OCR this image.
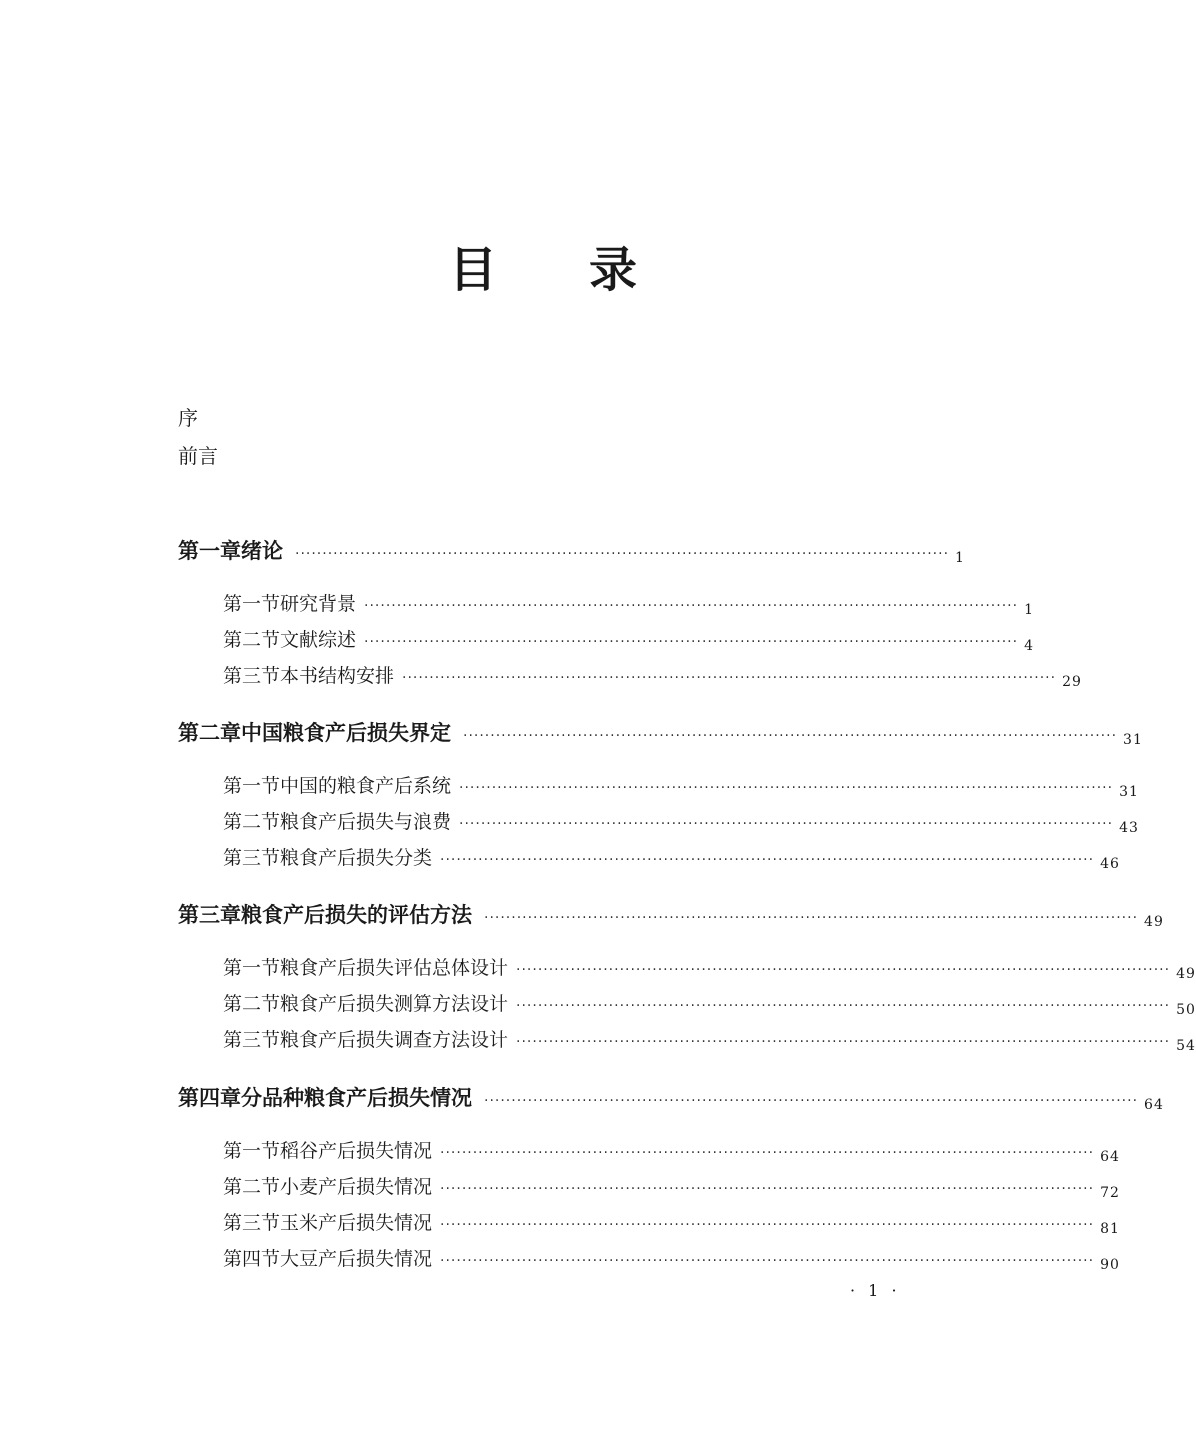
目录
序
前言
第一章 绪论 ························································································································ 1
第一节 研究背景 ························································································································ 1
第二节 文献综述 ························································································································ 4
第三节 本书结构安排 ························································································································ 29
第二章 中国粮食产后损失界定 ························································································································ 31
第一节 中国的粮食产后系统 ························································································································ 31
第二节 粮食产后损失与浪费 ························································································································ 43
第三节 粮食产后损失分类 ························································································································ 46
第三章 粮食产后损失的评估方法 ························································································································ 49
第一节 粮食产后损失评估总体设计 ························································································································ 49
第二节 粮食产后损失测算方法设计 ························································································································ 50
第三节 粮食产后损失调查方法设计 ························································································································ 54
第四章 分品种粮食产后损失情况 ························································································································ 64
第一节 稻谷产后损失情况 ························································································································ 64
第二节 小麦产后损失情况 ························································································································ 72
第三节 玉米产后损失情况 ························································································································ 81
第四节 大豆产后损失情况 ························································································································ 90
· 1 ·
